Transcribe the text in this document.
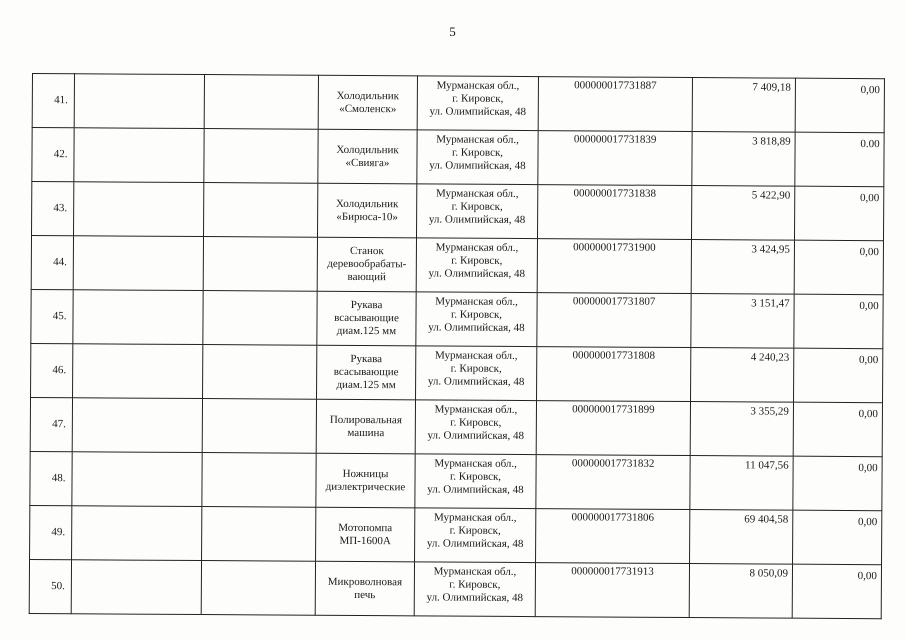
5
41.			Холодильник
«Смоленск»	Мурманская обл.,
г. Кировск,
ул. Олимпийская, 48	000000017731887	7 409,18	0,00
42.			Холодильник
«Свияга»	Мурманская обл.,
г. Кировск,
ул. Олимпийская, 48	000000017731839	3 818,89	0.00
43.			Холодильник
«Бирюса-10»	Мурманская обл.,
г. Кировск,
ул. Олимпийская, 48	000000017731838	5 422,90	0,00
44.			Станок
деревообрабаты-
вающий	Мурманская обл.,
г. Кировск,
ул. Олимпийская, 48	000000017731900	3 424,95	0,00
45.			Рукава
всасывающие
диам.125 мм	Мурманская обл.,
г. Кировск,
ул. Олимпийская, 48	000000017731807	3 151,47	0,00
46.			Рукава
всасывающие
диам.125 мм	Мурманская обл.,
г. Кировск,
ул. Олимпийская, 48	000000017731808	4 240,23	0,00
47.			Полировальная
машина	Мурманская обл.,
г. Кировск,
ул. Олимпийская, 48	000000017731899	3 355,29	0,00
48.			Ножницы
диэлектрические	Мурманская обл.,
г. Кировск,
ул. Олимпийская, 48	000000017731832	11 047,56	0,00
49.			Мотопомпа
МП-1600А	Мурманская обл.,
г. Кировск,
ул. Олимпийская, 48	000000017731806	69 404,58	0,00
50.			Микроволновая
печь	Мурманская обл.,
г. Кировск,
ул. Олимпийская, 48	000000017731913	8 050,09	0,00
